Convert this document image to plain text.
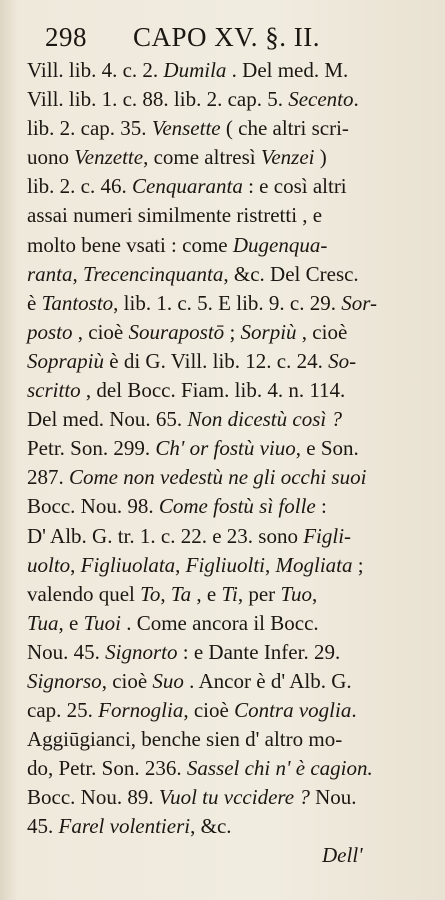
298 CAPO XV. §. II.
Vill. lib. 4. c. 2. Dumila . Del med. M.
Vill. lib. 1. c. 88. lib. 2. cap. 5. Secento.
lib. 2. cap. 35. Vensette ( che altri scri-
uono Venzette, come altresì Venzei )
lib. 2. c. 46. Cenquaranta : e così altri
assai numeri similmente ristretti , e
molto bene vsati : come Dugenqua-
ranta, Trecencinquanta, &c. Del Cresc.
è Tantosto, lib. 1. c. 5. E lib. 9. c. 29. Sor-
posto , cioè Sourapostō ; Sorpiù , cioè
Soprapiù è di G. Vill. lib. 12. c. 24. So-
scritto , del Bocc. Fiam. lib. 4. n. 114.
Del med. Nou. 65. Non dicestù così ?
Petr. Son. 299. Ch' or fostù viuo, e Son.
287. Come non vedestù ne gli occhi suoi
Bocc. Nou. 98. Come fostù sì folle :
D' Alb. G. tr. 1. c. 22. e 23. sono Figli-
uolto, Figliuolata, Figliuolti, Mogliata ;
valendo quel To, Ta , e Ti, per Tuo,
Tua, e Tuoi . Come ancora il Bocc.
Nou. 45. Signorto : e Dante Infer. 29.
Signorso, cioè Suo . Ancor è d' Alb. G.
cap. 25. Fornoglia, cioè Contra voglia.
Aggiūgianci, benche sien d' altro mo-
do, Petr. Son. 236. Sassel chi n' è cagion.
Bocc. Nou. 89. Vuol tu vccidere ? Nou.
45. Farel volentieri, &c.
Dell'
